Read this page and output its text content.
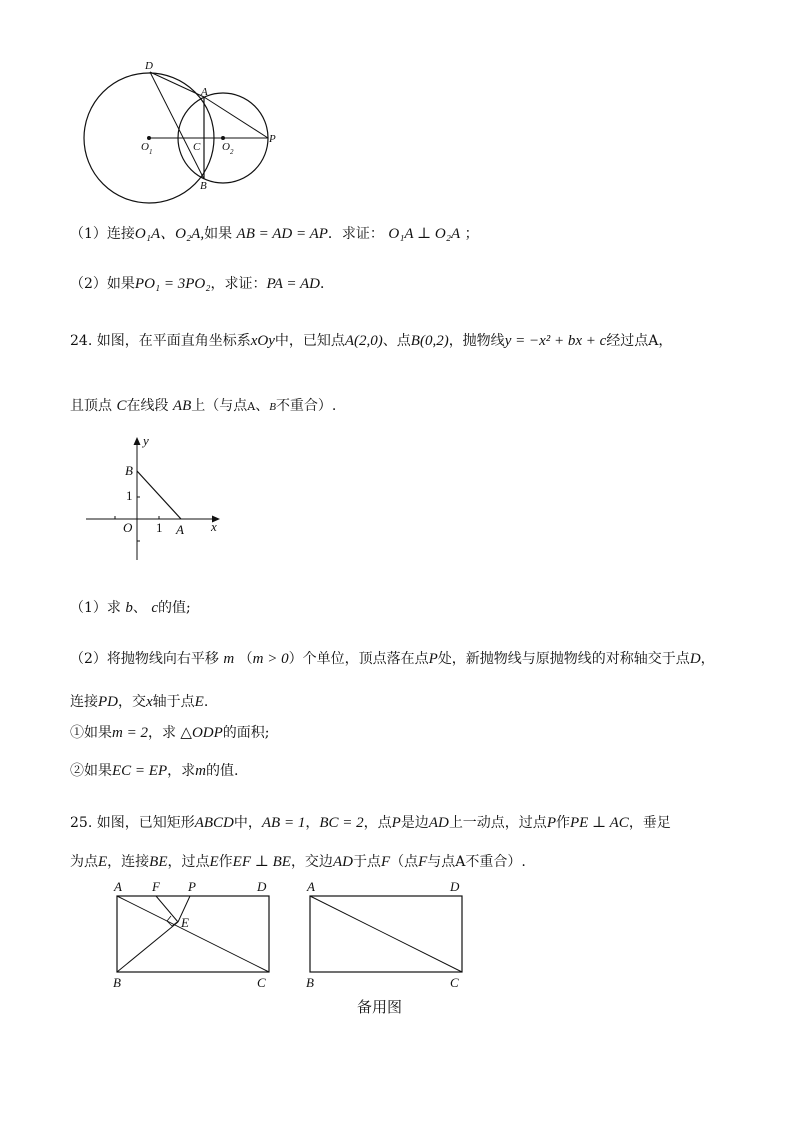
D
A
O 1	C O 2
P
B
（1）连接O₁A、O₂A,如果 AB = AD = AP．求证： O₁A ⊥ O₂A ；
（2）如果PO₁ = 3PO₂，求证：PA = AD．
24. 如图，在平面直角坐标系xOy中，已知点A(2,0)、点B(0,2)，抛物线y = −x² + bx + c经过点A，
且顶点 C在线段 AB上（与点A、B不重合）.
y
B
1
O 1 A x
（1）求 b、 c的值;
（2）将抛物线向右平移 m （m > 0）个单位，顶点落在点P处，新抛物线与原抛物线的对称轴交于点D，
连接PD，交x轴于点E.
①如果m = 2，求 △ODP的面积;
②如果EC = EP，求m的值.
25. 如图，已知矩形ABCD中，AB = 1，BC = 2，点P是边AD上一动点，过点P作PE ⊥ AC，垂足
为点E，连接BE，过点E作EF ⊥ BE，交边AD于点F（点F与点A不重合）.
A F P	D
E
B	C
A	D
B	C
备用图
